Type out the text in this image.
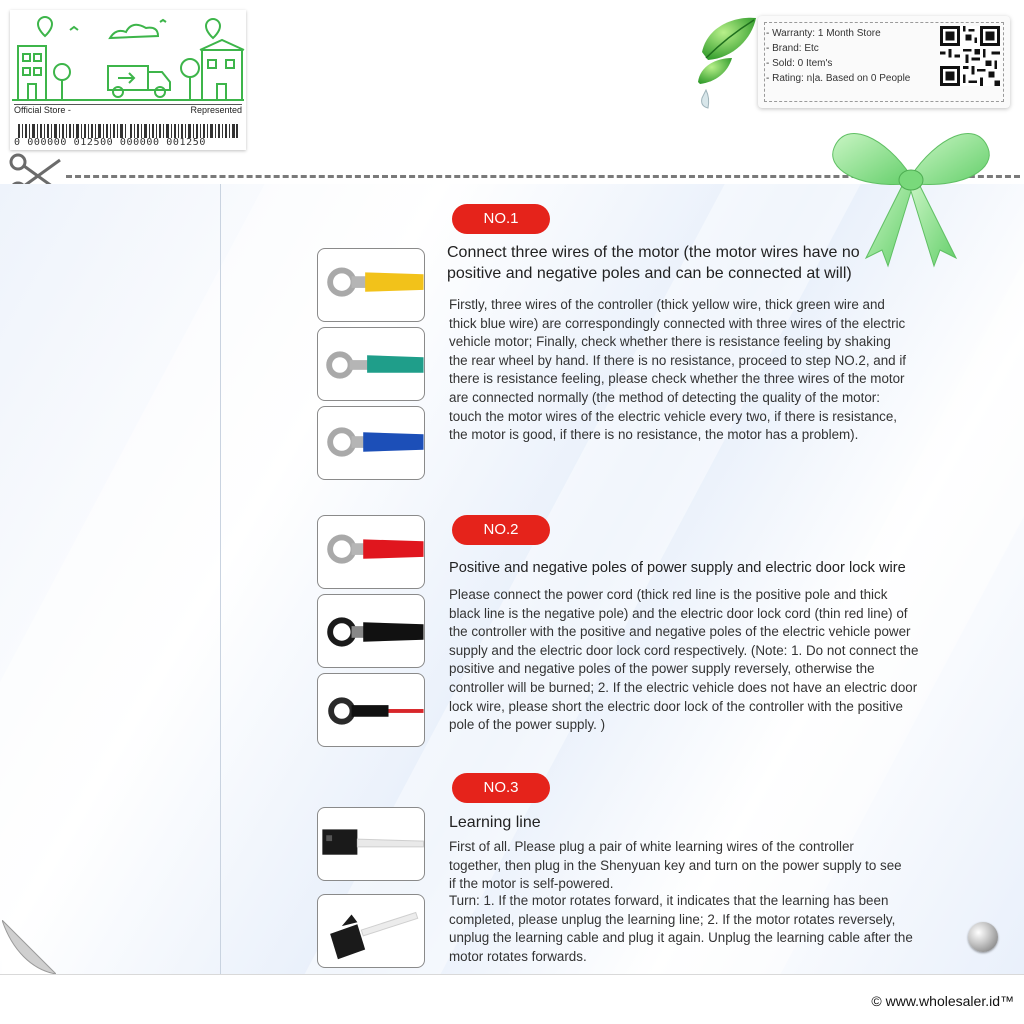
Official Store -	Represented
0 000000 012500 000000 001250
- Warranty: 1 Month Store
- Brand: Etc
- Sold: 0 Item's
- Rating: n|a. Based on 0 People
NO.1
Connect three wires of the motor (the motor wires have no positive and negative poles and can be connected at will)
Firstly, three wires of the controller (thick yellow wire, thick green wire and thick blue wire) are correspondingly connected with three wires of the electric vehicle motor; Finally, check whether there is resistance feeling by shaking the rear wheel by hand. If there is no resistance, proceed to step NO.2, and if there is resistance feeling, please check whether the three wires of the motor are connected normally (the method of detecting the quality of the motor: touch the motor wires of the electric vehicle every two, if there is resistance, the motor is good, if there is no resistance, the motor has a problem).
NO.2
Positive and negative poles of power supply and electric door lock wire
Please connect the power cord (thick red line is the positive pole and thick black line is the negative pole) and the electric door lock cord (thin red line) of the controller with the positive and negative poles of the electric vehicle power supply and the electric door lock cord respectively. (Note: 1. Do not connect the positive and negative poles of the power supply reversely, otherwise the controller will be burned; 2. If the electric vehicle does not have an electric door lock wire, please short the electric door lock of the controller with the positive pole of the power supply. )
NO.3
Learning line
First of all. Please plug a pair of white learning wires of the controller together, then plug in the Shenyuan key and turn on the power supply to see if the motor is self-powered.
Turn: 1. If the motor rotates forward, it indicates that the learning has been completed, please unplug the learning line; 2. If the motor rotates reversely, unplug the learning cable and plug it again. Unplug the learning cable after the motor rotates forwards.
© www.wholesaler.id™
